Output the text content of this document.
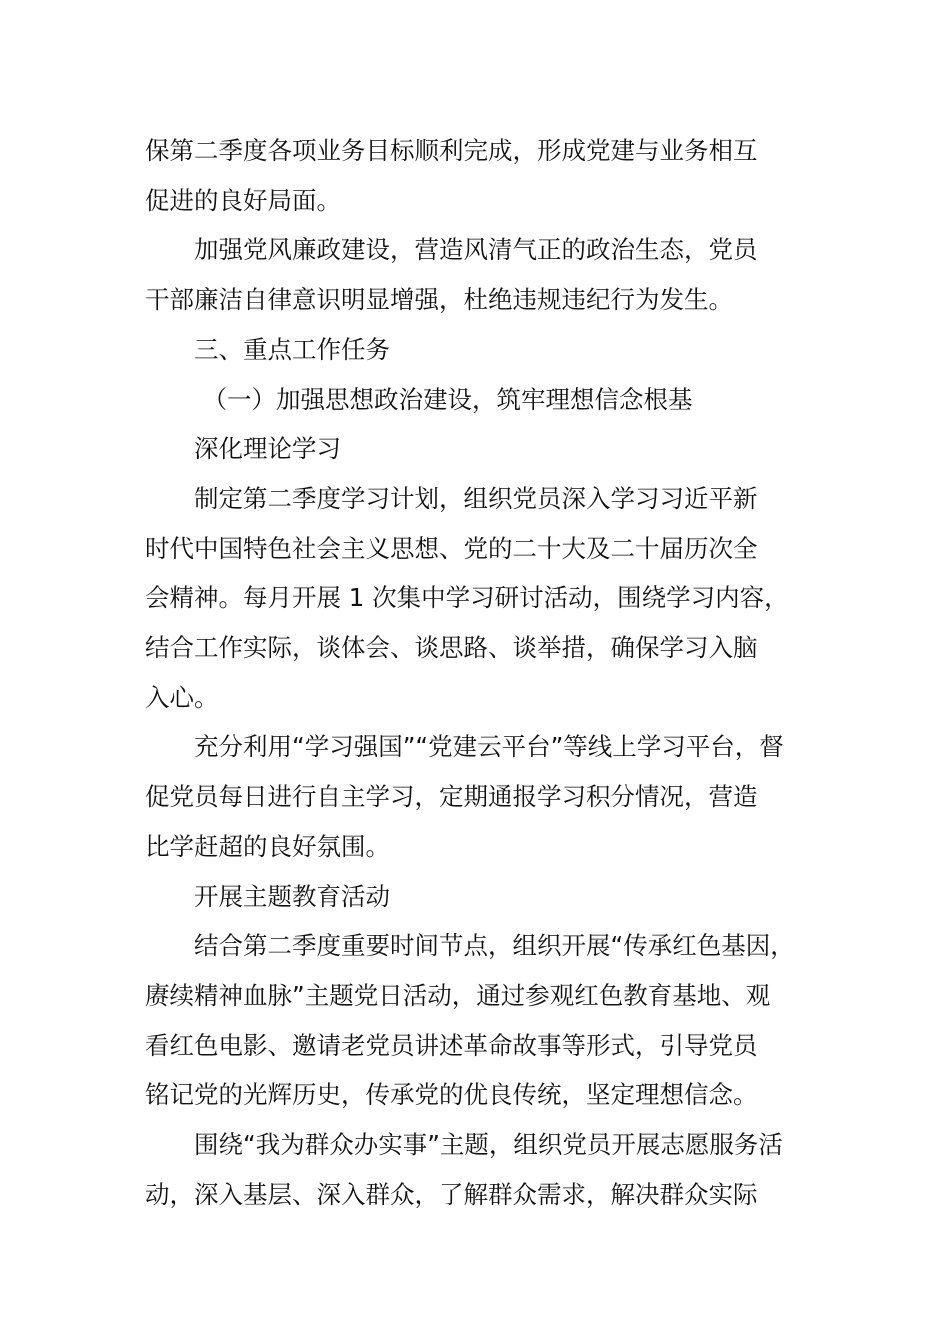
保第二季度各项业务目标顺利完成，形成党建与业务相互
促进的良好局面。

加强党风廉政建设，营造风清气正的政治生态，党员
干部廉洁自律意识明显增强，杜绝违规违纪行为发生。

三、重点工作任务

（一）加强思想政治建设，筑牢理想信念根基

深化理论学习

制定第二季度学习计划，组织党员深入学习习近平新
时代中国特色社会主义思想、党的二十大及二十届历次全
会精神。每月开展 1 次集中学习研讨活动，围绕学习内容，
结合工作实际，谈体会、谈思路、谈举措，确保学习入脑
入心。

充分利用“学习强国”“党建云平台”等线上学习平台，督
促党员每日进行自主学习，定期通报学习积分情况，营造
比学赶超的良好氛围。

开展主题教育活动

结合第二季度重要时间节点，组织开展“传承红色基因，
赓续精神血脉”主题党日活动，通过参观红色教育基地、观
看红色电影、邀请老党员讲述革命故事等形式，引导党员
铭记党的光辉历史，传承党的优良传统，坚定理想信念。

围绕“我为群众办实事”主题，组织党员开展志愿服务活
动，深入基层、深入群众，了解群众需求，解决群众实际
